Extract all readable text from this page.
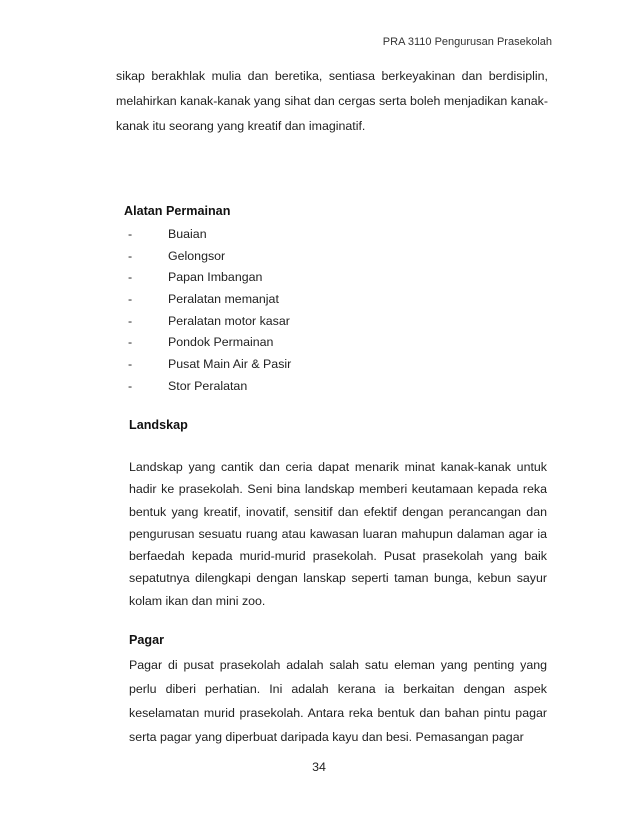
PRA 3110 Pengurusan Prasekolah

sikap berakhlak mulia dan beretika, sentiasa berkeyakinan dan berdisiplin, melahirkan kanak-kanak yang sihat dan cergas serta boleh menjadikan kanak-kanak itu seorang yang kreatif dan imaginatif.

Alatan Permainan
-	Buaian
-	Gelongsor
-	Papan Imbangan
-	Peralatan memanjat
-	Peralatan motor kasar
-	Pondok Permainan
-	Pusat Main Air & Pasir
-	Stor Peralatan
Landskap

Landskap yang cantik dan ceria dapat menarik minat kanak-kanak untuk hadir ke prasekolah. Seni bina landskap memberi keutamaan kepada reka bentuk yang kreatif, inovatif, sensitif dan efektif dengan perancangan dan pengurusan sesuatu ruang atau kawasan luaran mahupun dalaman agar ia berfaedah kepada murid-murid prasekolah. Pusat prasekolah yang baik sepatutnya dilengkapi dengan lanskap seperti taman bunga, kebun sayur kolam ikan dan mini zoo.

Pagar

Pagar di pusat prasekolah adalah salah satu eleman yang penting yang perlu diberi perhatian. Ini adalah kerana ia berkaitan dengan aspek keselamatan murid prasekolah. Antara reka bentuk dan bahan pintu pagar serta pagar yang diperbuat daripada kayu dan besi. Pemasangan pagar

34
